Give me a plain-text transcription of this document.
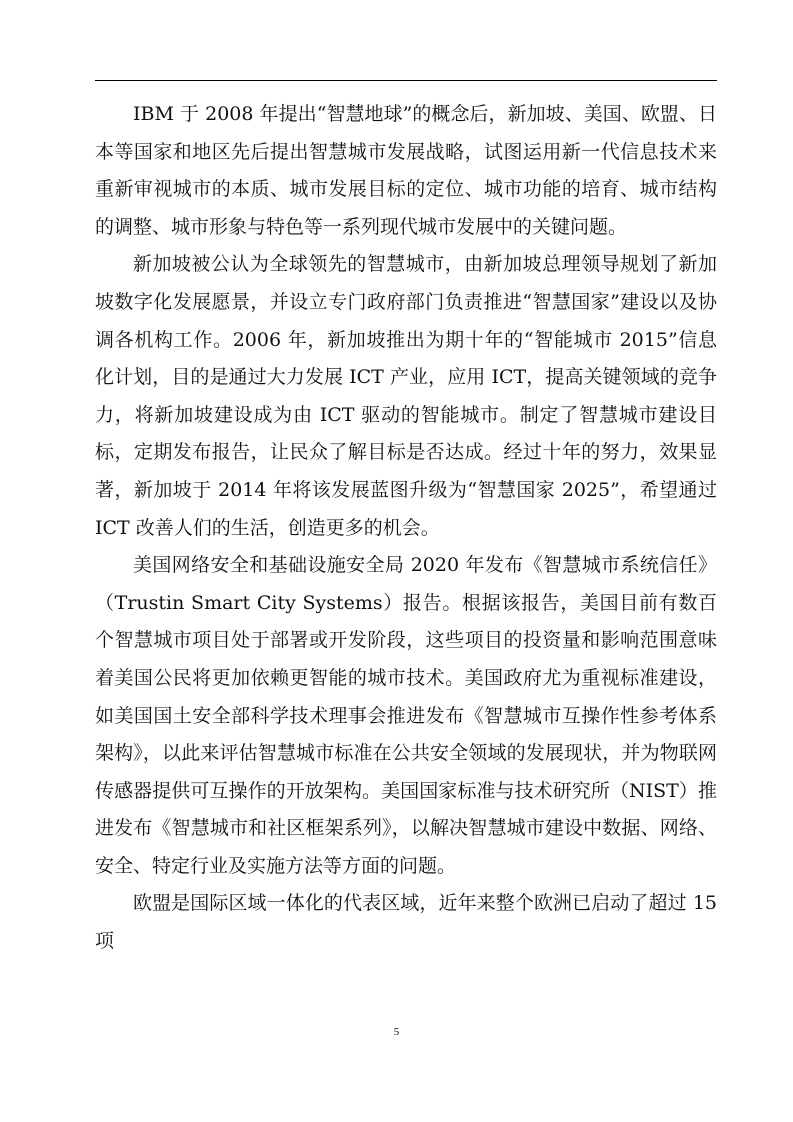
IBM 于 2008 年提出“智慧地球”的概念后，新加坡、美国、欧盟、日本等国家和地区先后提出智慧城市发展战略，试图运用新一代信息技术来重新审视城市的本质、城市发展目标的定位、城市功能的培育、城市结构的调整、城市形象与特色等一系列现代城市发展中的关键问题。

新加坡被公认为全球领先的智慧城市，由新加坡总理领导规划了新加坡数字化发展愿景，并设立专门政府部门负责推进“智慧国家”建设以及协调各机构工作。2006 年，新加坡推出为期十年的“智能城市 2015”信息化计划，目的是通过大力发展 ICT 产业，应用 ICT，提高关键领域的竞争力，将新加坡建设成为由 ICT 驱动的智能城市。制定了智慧城市建设目标，定期发布报告，让民众了解目标是否达成。经过十年的努力，效果显著，新加坡于 2014 年将该发展蓝图升级为“智慧国家 2025”，希望通过 ICT 改善人们的生活，创造更多的机会。

美国网络安全和基础设施安全局 2020 年发布《智慧城市系统信任》（Trustin Smart City Systems）报告。根据该报告，美国目前有数百个智慧城市项目处于部署或开发阶段，这些项目的投资量和影响范围意味着美国公民将更加依赖更智能的城市技术。美国政府尤为重视标准建设，如美国国土安全部科学技术理事会推进发布《智慧城市互操作性参考体系架构》，以此来评估智慧城市标准在公共安全领域的发展现状，并为物联网传感器提供可互操作的开放架构。美国国家标准与技术研究所（NIST）推进发布《智慧城市和社区框架系列》，以解决智慧城市建设中数据、网络、安全、特定行业及实施方法等方面的问题。

欧盟是国际区域一体化的代表区域，近年来整个欧洲已启动了超过 15 项

5
